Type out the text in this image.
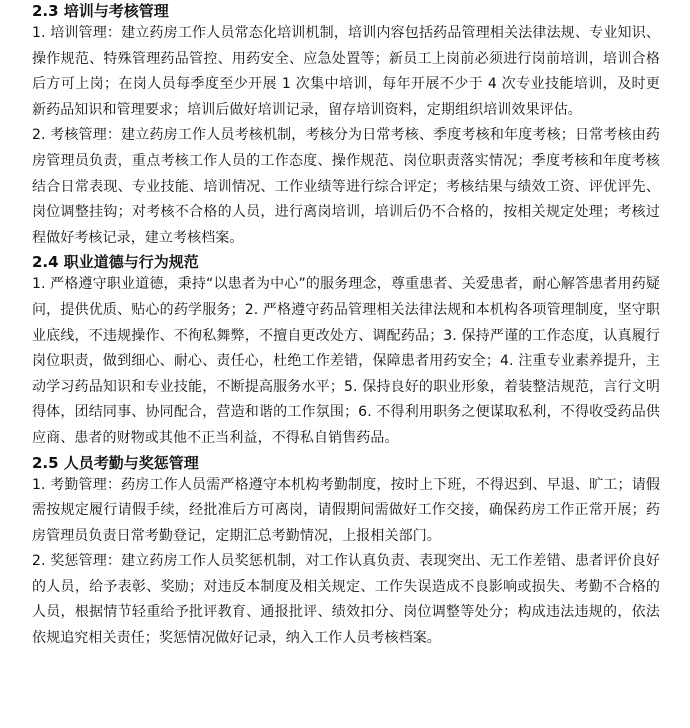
2.3 培训与考核管理

1. 培训管理：建立药房工作人员常态化培训机制，培训内容包括药品管理相关法律法规、专业知识、操作规范、特殊管理药品管控、用药安全、应急处置等；新员工上岗前必须进行岗前培训，培训合格后方可上岗；在岗人员每季度至少开展 1 次集中培训，每年开展不少于 4 次专业技能培训，及时更新药品知识和管理要求；培训后做好培训记录，留存培训资料，定期组织培训效果评估。

2. 考核管理：建立药房工作人员考核机制，考核分为日常考核、季度考核和年度考核；日常考核由药房管理员负责，重点考核工作人员的工作态度、操作规范、岗位职责落实情况；季度考核和年度考核结合日常表现、专业技能、培训情况、工作业绩等进行综合评定；考核结果与绩效工资、评优评先、岗位调整挂钩；对考核不合格的人员，进行离岗培训，培训后仍不合格的，按相关规定处理；考核过程做好考核记录，建立考核档案。

2.4 职业道德与行为规范

1. 严格遵守职业道德，秉持“以患者为中心”的服务理念，尊重患者、关爱患者，耐心解答患者用药疑问，提供优质、贴心的药学服务；2. 严格遵守药品管理相关法律法规和本机构各项管理制度，坚守职业底线，不违规操作、不徇私舞弊，不擅自更改处方、调配药品；3. 保持严谨的工作态度，认真履行岗位职责，做到细心、耐心、责任心，杜绝工作差错，保障患者用药安全；4. 注重专业素养提升，主动学习药品知识和专业技能，不断提高服务水平；5. 保持良好的职业形象，着装整洁规范，言行文明得体，团结同事、协同配合，营造和谐的工作氛围；6. 不得利用职务之便谋取私利，不得收受药品供应商、患者的财物或其他不正当利益，不得私自销售药品。

2.5 人员考勤与奖惩管理

1. 考勤管理：药房工作人员需严格遵守本机构考勤制度，按时上下班，不得迟到、早退、旷工；请假需按规定履行请假手续，经批准后方可离岗，请假期间需做好工作交接，确保药房工作正常开展；药房管理员负责日常考勤登记，定期汇总考勤情况，上报相关部门。

2. 奖惩管理：建立药房工作人员奖惩机制，对工作认真负责、表现突出、无工作差错、患者评价良好的人员，给予表彰、奖励；对违反本制度及相关规定、工作失误造成不良影响或损失、考勤不合格的人员，根据情节轻重给予批评教育、通报批评、绩效扣分、岗位调整等处分；构成违法违规的，依法依规追究相关责任；奖惩情况做好记录，纳入工作人员考核档案。
